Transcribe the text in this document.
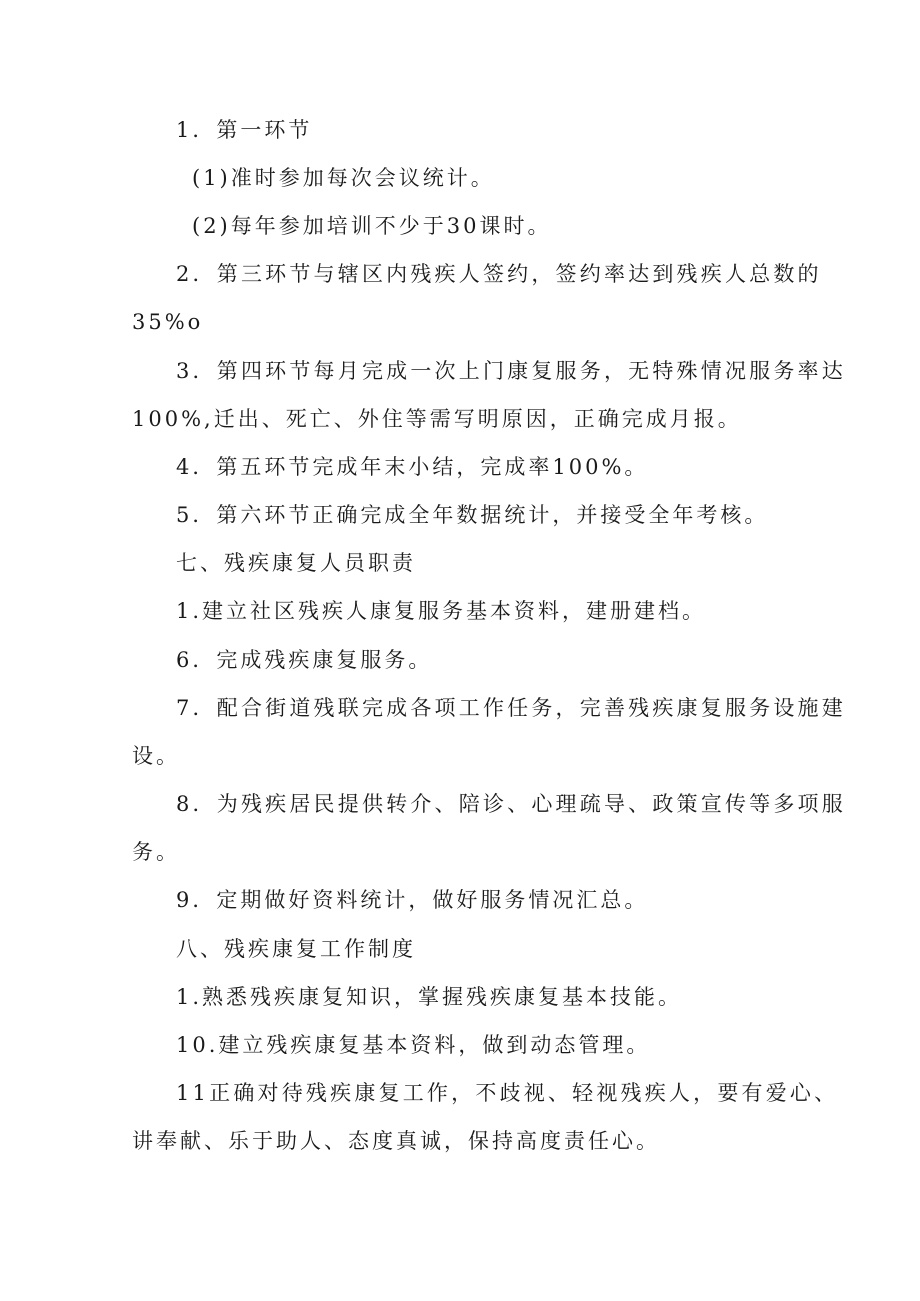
1．第一环节
(1)准时参加每次会议统计。
(2)每年参加培训不少于30课时。
2．第三环节与辖区内残疾人签约，签约率达到残疾人总数的
35%o
3．第四环节每月完成一次上门康复服务，无特殊情况服务率达
100%,迁出、死亡、外住等需写明原因，正确完成月报。
4．第五环节完成年末小结，完成率100%。
5．第六环节正确完成全年数据统计，并接受全年考核。
七、残疾康复人员职责
1.建立社区残疾人康复服务基本资料，建册建档。
6．完成残疾康复服务。
7．配合街道残联完成各项工作任务，完善残疾康复服务设施建
设。
8．为残疾居民提供转介、陪诊、心理疏导、政策宣传等多项服
务。
9．定期做好资料统计，做好服务情况汇总。
八、残疾康复工作制度
1.熟悉残疾康复知识，掌握残疾康复基本技能。
10.建立残疾康复基本资料，做到动态管理。
11正确对待残疾康复工作，不歧视、轻视残疾人，要有爱心、
讲奉献、乐于助人、态度真诚，保持高度责任心。
